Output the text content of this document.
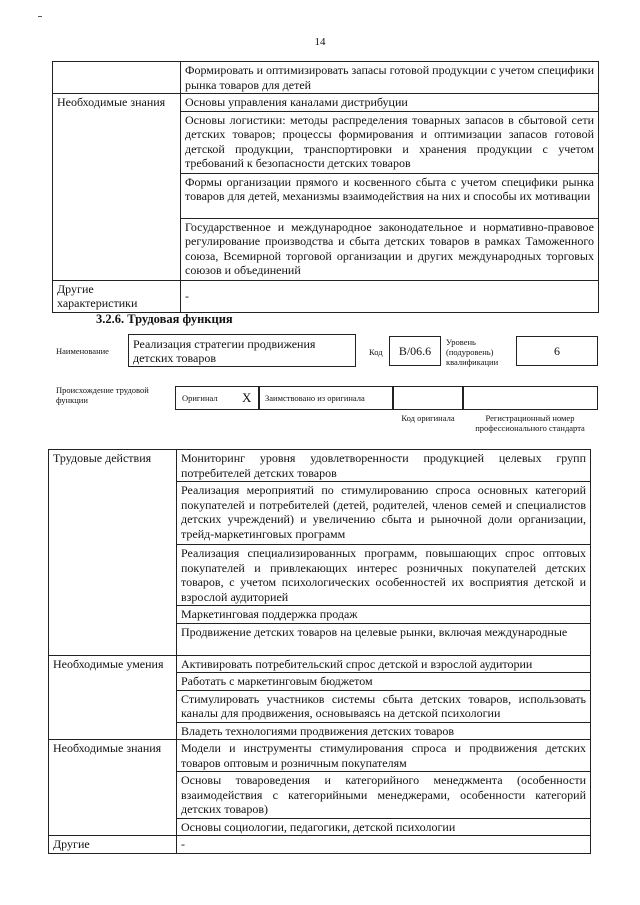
14
	Формировать и оптимизировать запасы готовой продукции с учетом специфики рынка товаров для детей
Необходимые знания	Основы управления каналами дистрибуции
	Основы логистики: методы распределения товарных запасов в сбытовой сети детских товаров; процессы формирования и оптимизации запасов готовой детской продукции, транспортировки и хранения продукции с учетом требований к безопасности детских товаров
	Формы организации прямого и косвенного сбыта с учетом специфики рынка товаров для детей, механизмы взаимодействия на них и способы их мотивации
	Государственное и международное законодательное и нормативно-правовое регулирование производства и сбыта детских товаров в рамках Таможенного союза, Всемирной торговой организации и других международных торговых союзов и объединений
Другие характеристики	-
3.2.6. Трудовая функция
Наименование	Реализация стратегии продвижения детских товаров	Код	B/06.6
Уровень (подуровень) квалификации
6
Происхождение трудовой функции	Оригинал X Заимствовано из оригинала
Код оригинала	Регистрационный номер профессионального стандарта
Трудовые действия	Мониторинг уровня удовлетворенности продукцией целевых групп потребителей детских товаров
	Реализация мероприятий по стимулированию спроса основных категорий покупателей и потребителей (детей, родителей, членов семей и специалистов детских учреждений) и увеличению сбыта и рыночной доли организации, трейд-маркетинговых программ
	Реализация специализированных программ, повышающих спрос оптовых покупателей и привлекающих интерес розничных покупателей детских товаров, с учетом психологических особенностей их восприятия детской и взрослой аудиторией
	Маркетинговая поддержка продаж
	Продвижение детских товаров на целевые рынки, включая международные
Необходимые умения	Активировать потребительский спрос детской и взрослой аудитории
	Работать с маркетинговым бюджетом
	Стимулировать участников системы сбыта детских товаров, использовать каналы для продвижения, основываясь на детской психологии
	Владеть технологиями продвижения детских товаров
Необходимые знания	Модели и инструменты стимулирования спроса и продвижения детских товаров оптовым и розничным покупателям
	Основы товароведения и категорийного менеджмента (особенности взаимодействия с категорийными менеджерами, особенности категорий детских товаров)
	Основы социологии, педагогики, детской психологии
Другие	-
